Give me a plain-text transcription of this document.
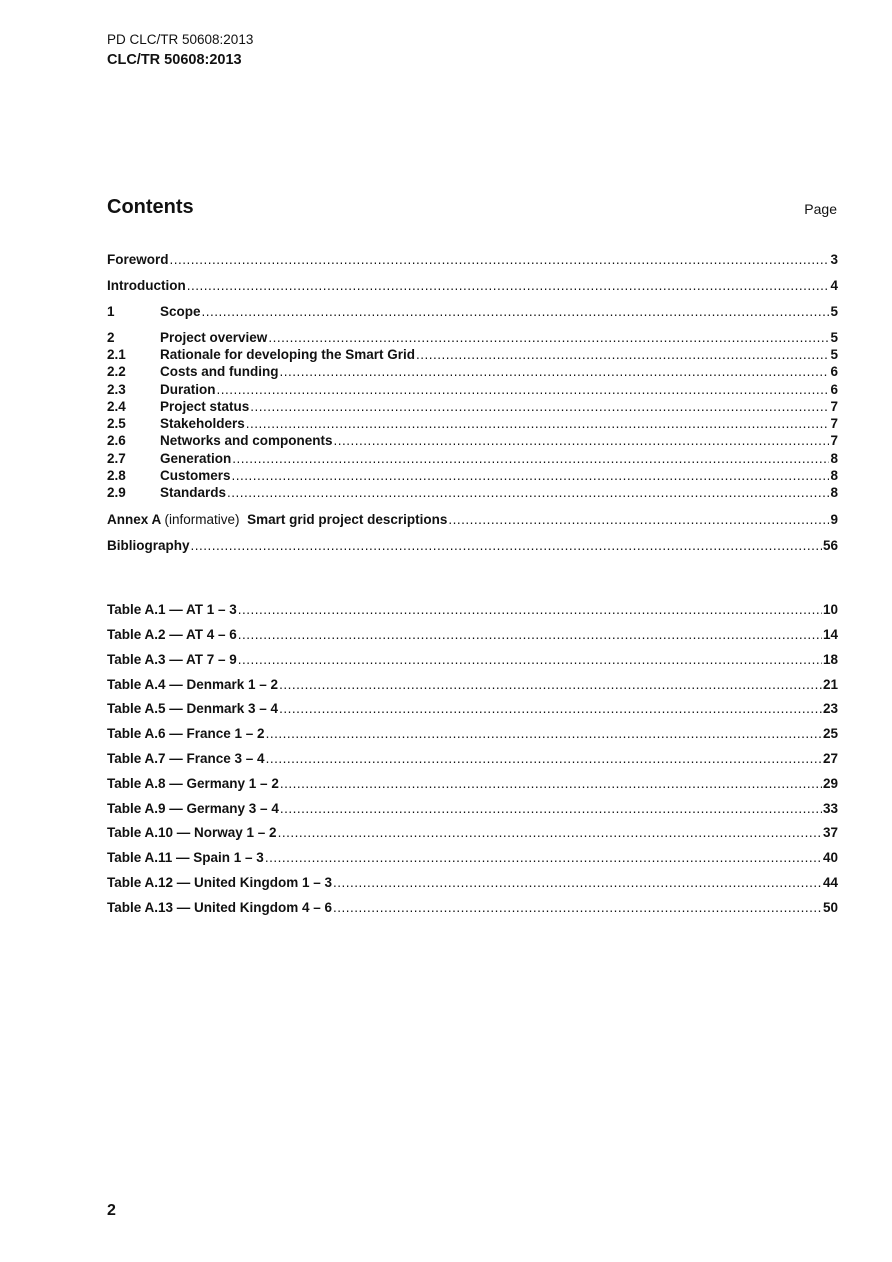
PD CLC/TR 50608:2013
CLC/TR 50608:2013
Contents	Page
Foreword .....	3
Introduction .....	4
1	Scope .....	5
2	Project overview .....	5
2.1	Rationale for developing the Smart Grid .....	5
2.2	Costs and funding .....	6
2.3	Duration .....	6
2.4	Project status .....	7
2.5	Stakeholders .....	7
2.6	Networks and components .....	7
2.7	Generation .....	8
2.8	Customers .....	8
2.9	Standards .....	8
Annex A (informative) Smart grid project descriptions .....	9
Bibliography .....	56
Table A.1 — AT 1 – 3 .....	10
Table A.2 — AT 4 – 6 .....	14
Table A.3 — AT 7 – 9 .....	18
Table A.4 — Denmark 1 – 2 .....	21
Table A.5 — Denmark 3 – 4 .....	23
Table A.6 — France 1 – 2 .....	25
Table A.7 — France 3 – 4 .....	27
Table A.8 — Germany 1 – 2 .....	29
Table A.9 — Germany 3 – 4 .....	33
Table A.10 — Norway 1 – 2 .....	37
Table A.11 — Spain 1 – 3 .....	40
Table A.12 — United Kingdom 1 – 3 .....	44
Table A.13 — United Kingdom 4 – 6 .....	50
2
